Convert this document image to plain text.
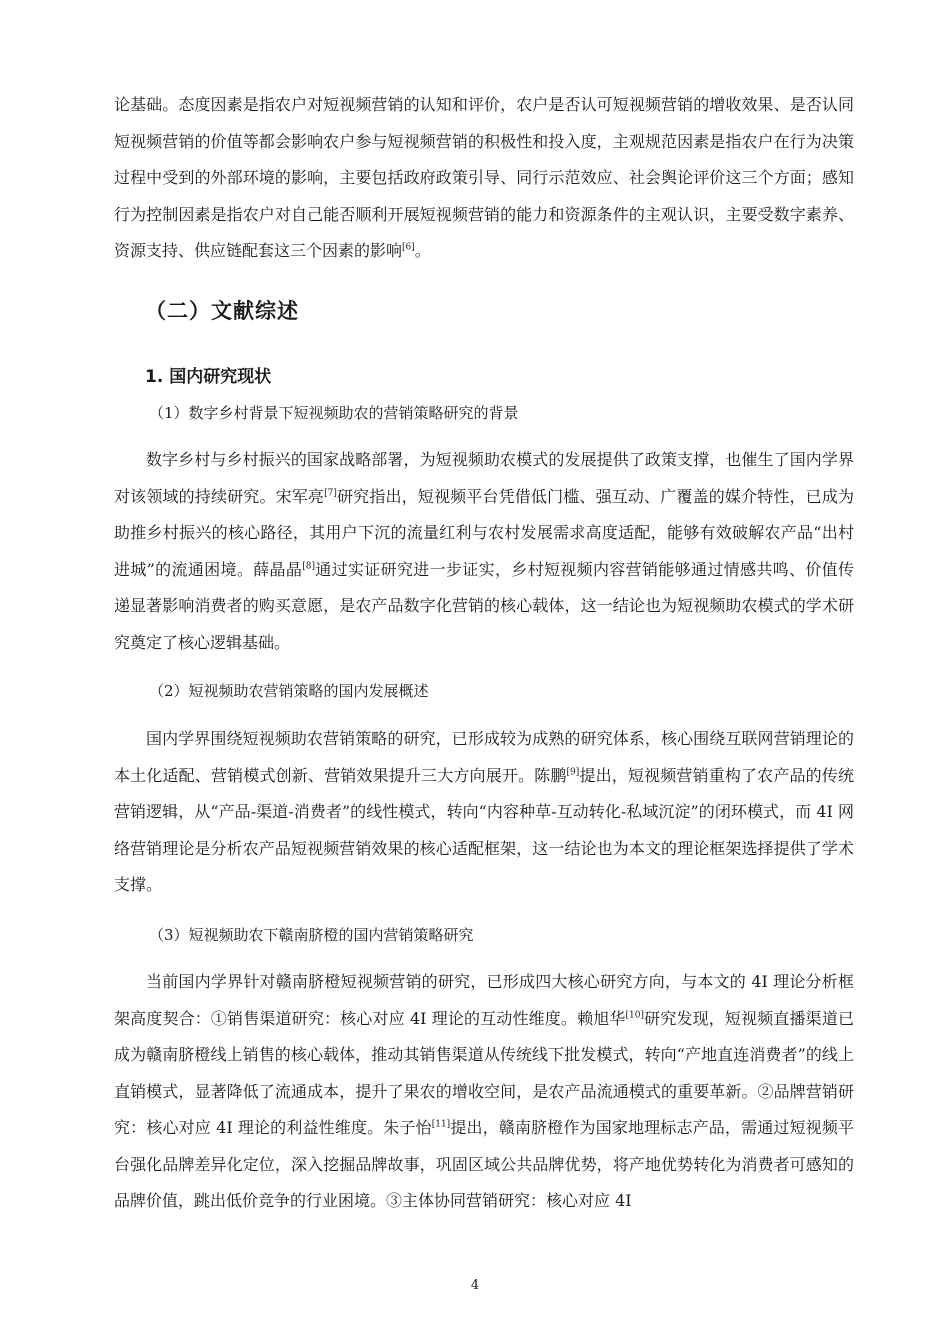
论基础。态度因素是指农户对短视频营销的认知和评价，农户是否认可短视频营销的增收效果、是否认同短视频营销的价值等都会影响农户参与短视频营销的积极性和投入度，主观规范因素是指农户在行为决策过程中受到的外部环境的影响，主要包括政府政策引导、同行示范效应、社会舆论评价这三个方面；感知行为控制因素是指农户对自己能否顺利开展短视频营销的能力和资源条件的主观认识，主要受数字素养、资源支持、供应链配套这三个因素的影响[6]。

（二）文献综述
1. 国内研究现状

（1）数字乡村背景下短视频助农的营销策略研究的背景

数字乡村与乡村振兴的国家战略部署，为短视频助农模式的发展提供了政策支撑，也催生了国内学界对该领域的持续研究。宋军亮[7]研究指出，短视频平台凭借低门槛、强互动、广覆盖的媒介特性，已成为助推乡村振兴的核心路径，其用户下沉的流量红利与农村发展需求高度适配，能够有效破解农产品“出村进城”的流通困境。薛晶晶[8]通过实证研究进一步证实，乡村短视频内容营销能够通过情感共鸣、价值传递显著影响消费者的购买意愿，是农产品数字化营销的核心载体，这一结论也为短视频助农模式的学术研究奠定了核心逻辑基础。

（2）短视频助农营销策略的国内发展概述

国内学界围绕短视频助农营销策略的研究，已形成较为成熟的研究体系，核心围绕互联网营销理论的本土化适配、营销模式创新、营销效果提升三大方向展开。陈鹏[9]提出，短视频营销重构了农产品的传统营销逻辑，从“产品-渠道-消费者”的线性模式，转向“内容种草-互动转化-私域沉淀”的闭环模式，而 4I 网络营销理论是分析农产品短视频营销效果的核心适配框架，这一结论也为本文的理论框架选择提供了学术支撑。

（3）短视频助农下赣南脐橙的国内营销策略研究

当前国内学界针对赣南脐橙短视频营销的研究，已形成四大核心研究方向，与本文的 4I 理论分析框架高度契合：①销售渠道研究：核心对应 4I 理论的互动性维度。赖旭华[10]研究发现，短视频直播渠道已成为赣南脐橙线上销售的核心载体，推动其销售渠道从传统线下批发模式，转向“产地直连消费者”的线上直销模式，显著降低了流通成本，提升了果农的增收空间，是农产品流通模式的重要革新。②品牌营销研究：核心对应 4I 理论的利益性维度。朱子怡[11]提出，赣南脐橙作为国家地理标志产品，需通过短视频平台强化品牌差异化定位，深入挖掘品牌故事，巩固区域公共品牌优势，将产地优势转化为消费者可感知的品牌价值，跳出低价竞争的行业困境。③主体协同营销研究：核心对应 4I

4
